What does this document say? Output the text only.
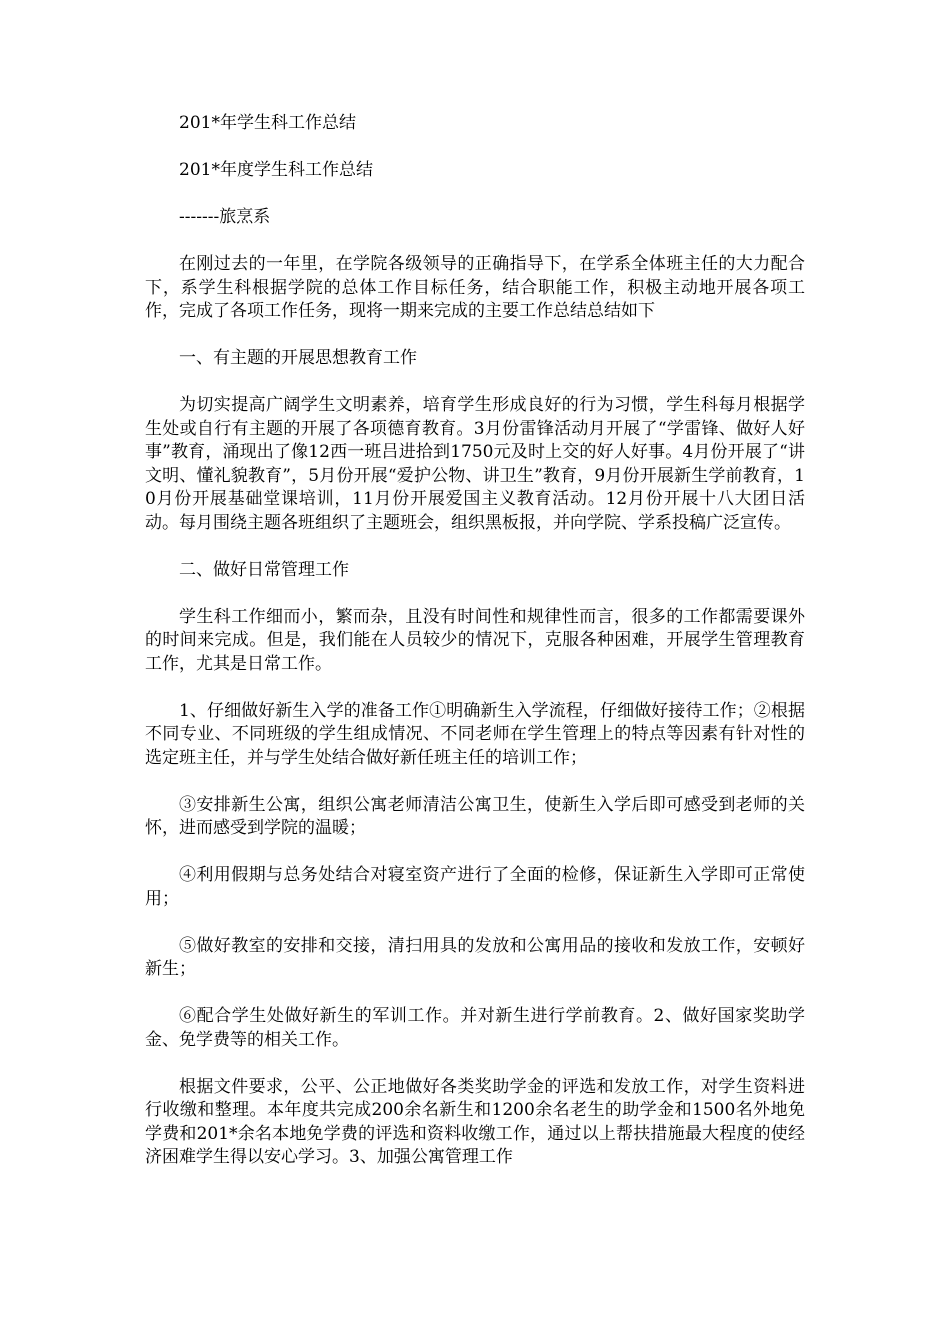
201*年学生科工作总结

201*年度学生科工作总结

-------旅烹系

在刚过去的一年里，在学院各级领导的正确指导下，在学系全体班主任的大力配合下，系学生科根据学院的总体工作目标任务，结合职能工作，积极主动地开展各项工作，完成了各项工作任务，现将一期来完成的主要工作总结总结如下

一、有主题的开展思想教育工作

为切实提高广阔学生文明素养，培育学生形成良好的行为习惯，学生科每月根据学生处或自行有主题的开展了各项德育教育。3月份雷锋活动月开展了“学雷锋、做好人好事”教育，涌现出了像12西一班吕进拾到1750元及时上交的好人好事。4月份开展了“讲文明、懂礼貌教育”，5月份开展“爱护公物、讲卫生”教育，9月份开展新生学前教育，10月份开展基础堂课培训，11月份开展爱国主义教育活动。12月份开展十八大团日活动。每月围绕主题各班组织了主题班会，组织黑板报，并向学院、学系投稿广泛宣传。

二、做好日常管理工作

学生科工作细而小，繁而杂，且没有时间性和规律性而言，很多的工作都需要课外的时间来完成。但是，我们能在人员较少的情况下，克服各种困难，开展学生管理教育工作，尤其是日常工作。

1、仔细做好新生入学的准备工作①明确新生入学流程，仔细做好接待工作；②根据不同专业、不同班级的学生组成情况、不同老师在学生管理上的特点等因素有针对性的选定班主任，并与学生处结合做好新任班主任的培训工作；

③安排新生公寓，组织公寓老师清洁公寓卫生，使新生入学后即可感受到老师的关怀，进而感受到学院的温暖；

④利用假期与总务处结合对寝室资产进行了全面的检修，保证新生入学即可正常使用；

⑤做好教室的安排和交接，清扫用具的发放和公寓用品的接收和发放工作，安顿好新生；

⑥配合学生处做好新生的军训工作。并对新生进行学前教育。2、做好国家奖助学金、免学费等的相关工作。

根据文件要求，公平、公正地做好各类奖助学金的评选和发放工作，对学生资料进行收缴和整理。本年度共完成200余名新生和1200余名老生的助学金和1500名外地免学费和201*余名本地免学费的评选和资料收缴工作，通过以上帮扶措施最大程度的使经济困难学生得以安心学习。3、加强公寓管理工作
